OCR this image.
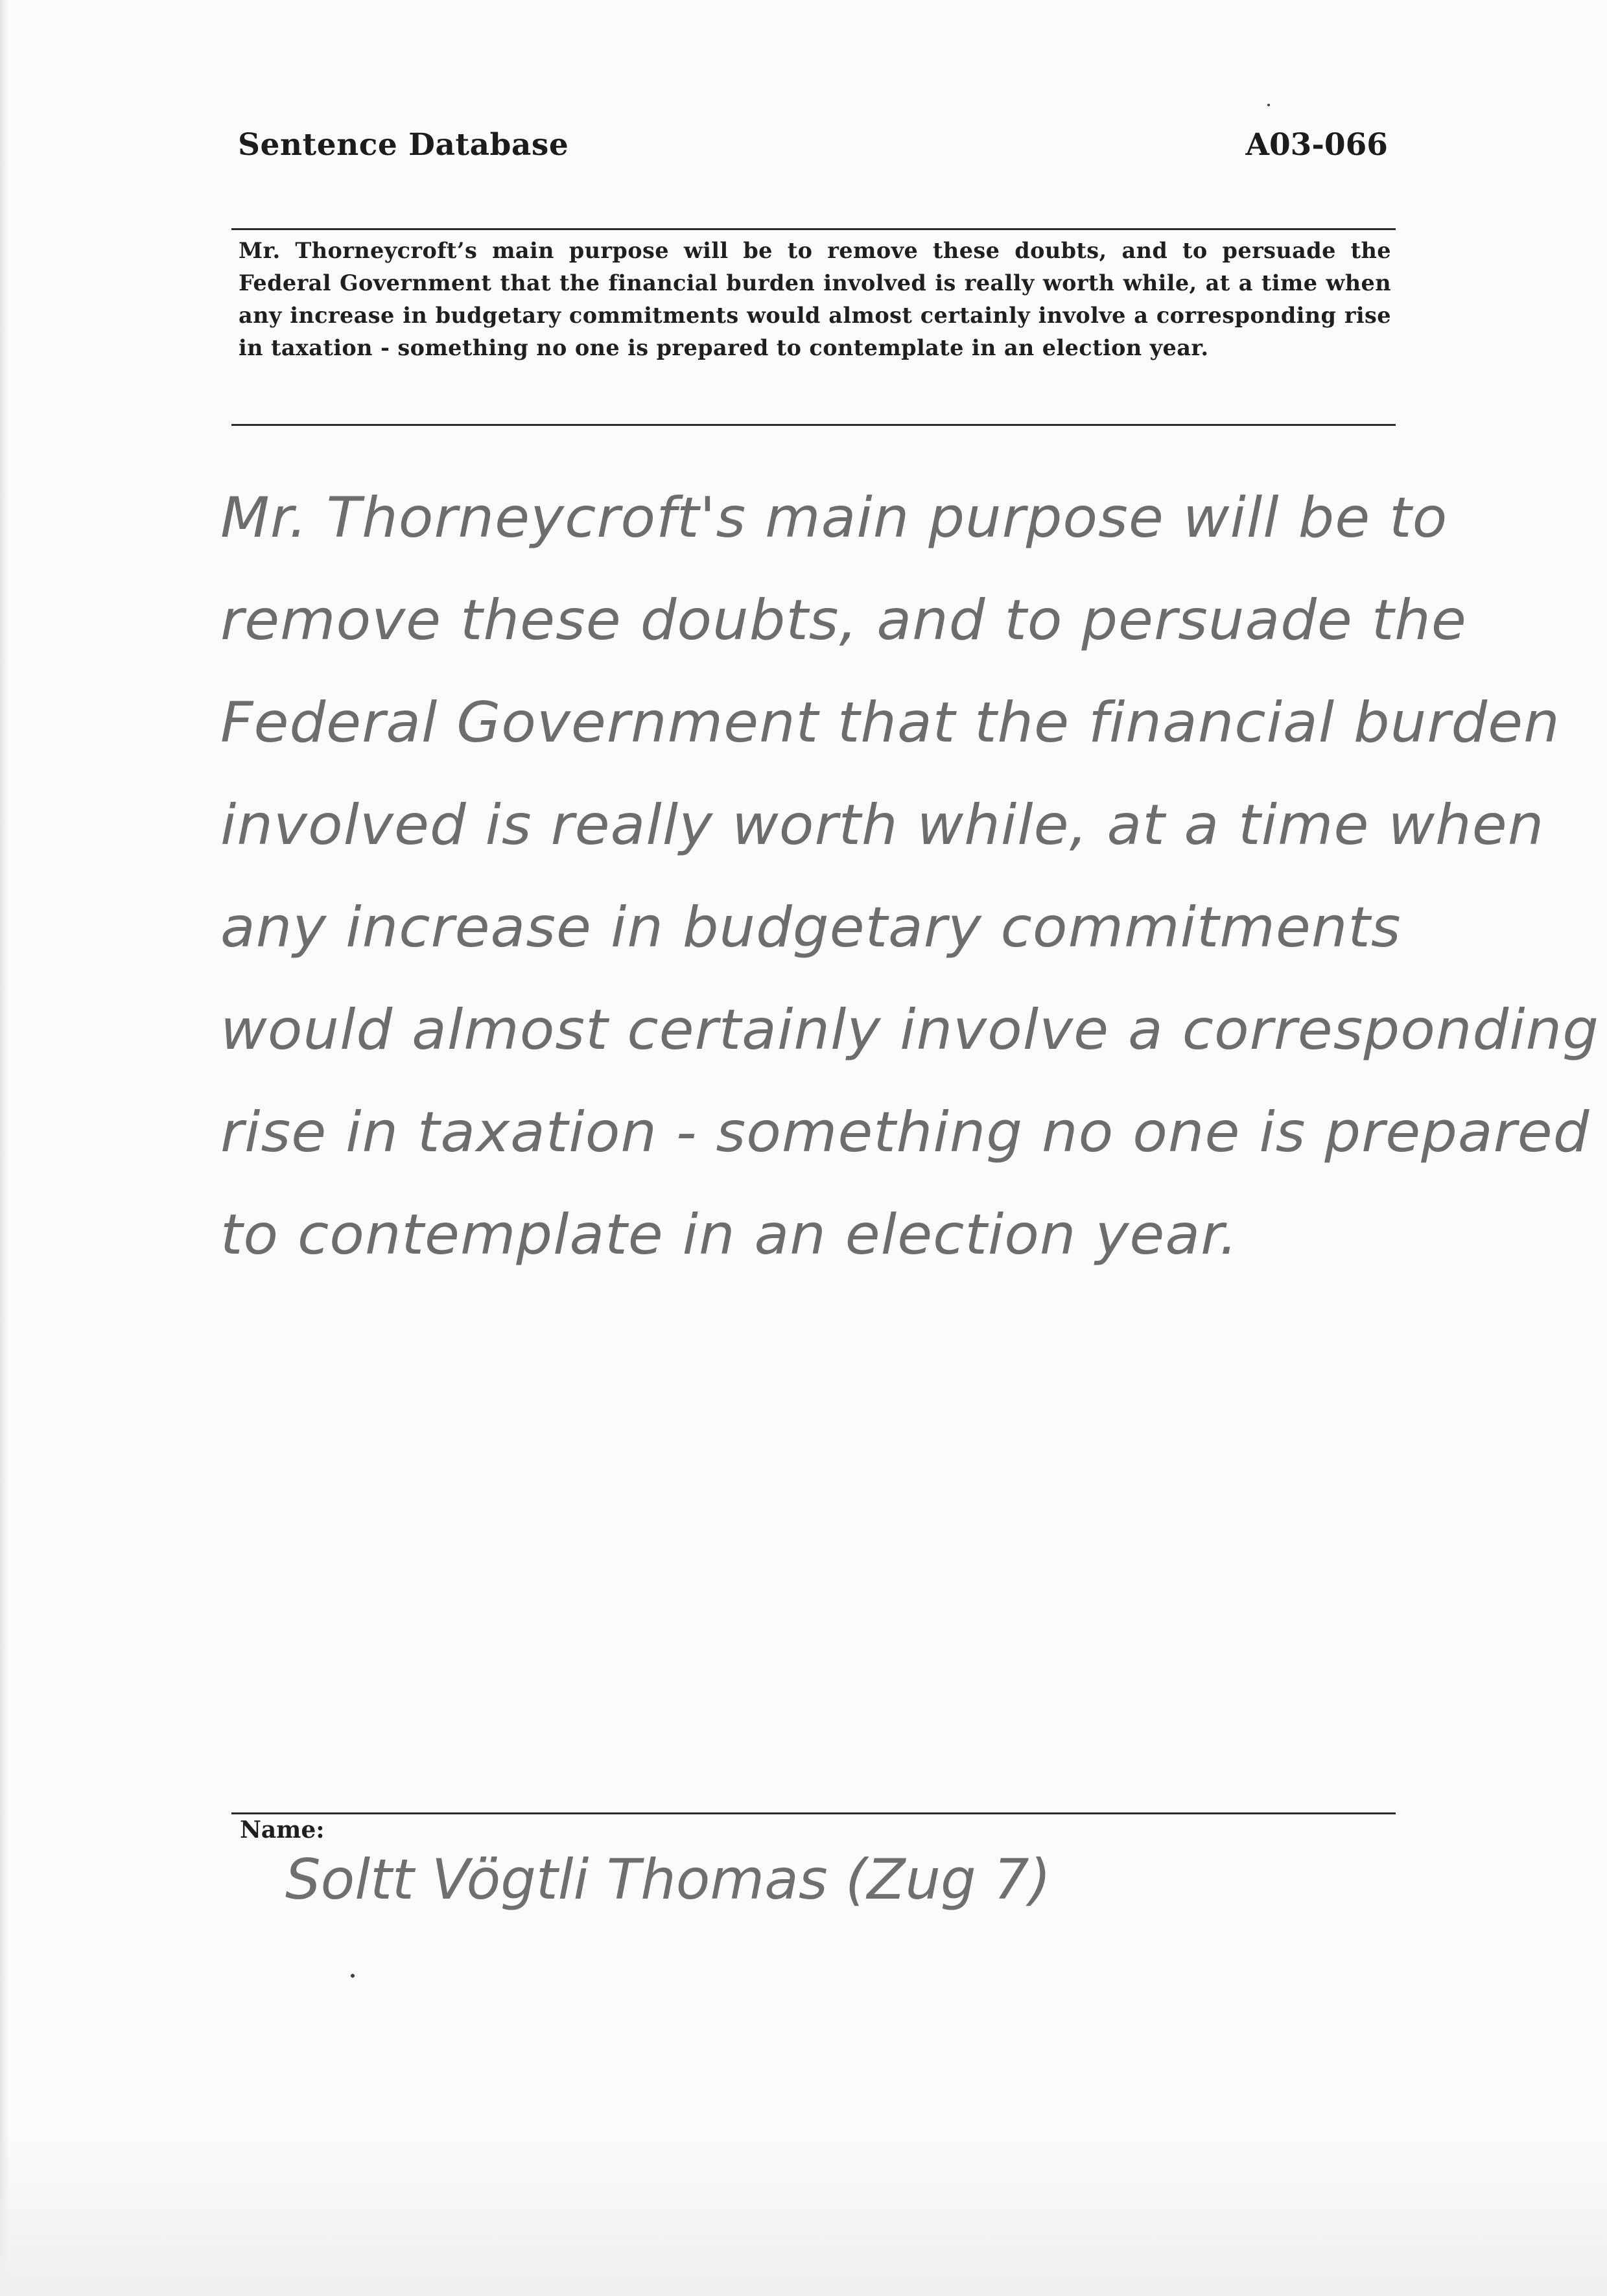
Sentence Database	A03-066
Mr. Thorneycroft’s main purpose will be to remove these doubts, and to persuade the Federal Government that the financial burden involved is really worth while, at a time when any increase in budgetary commitments would almost certainly involve a corresponding rise in taxation - something no one is prepared to contemplate in an election year.
Mr. Thorneycroft's main purpose will be to
remove these doubts, and to persuade the
Federal Government that the financial burden
involved is really worth while, at a time when
any increase in budgetary commitments
would almost certainly involve a corresponding
rise in taxation - something no one is prepared
to contemplate in an election year.
Name:
Soltt Vögtli Thomas (Zug 7)
